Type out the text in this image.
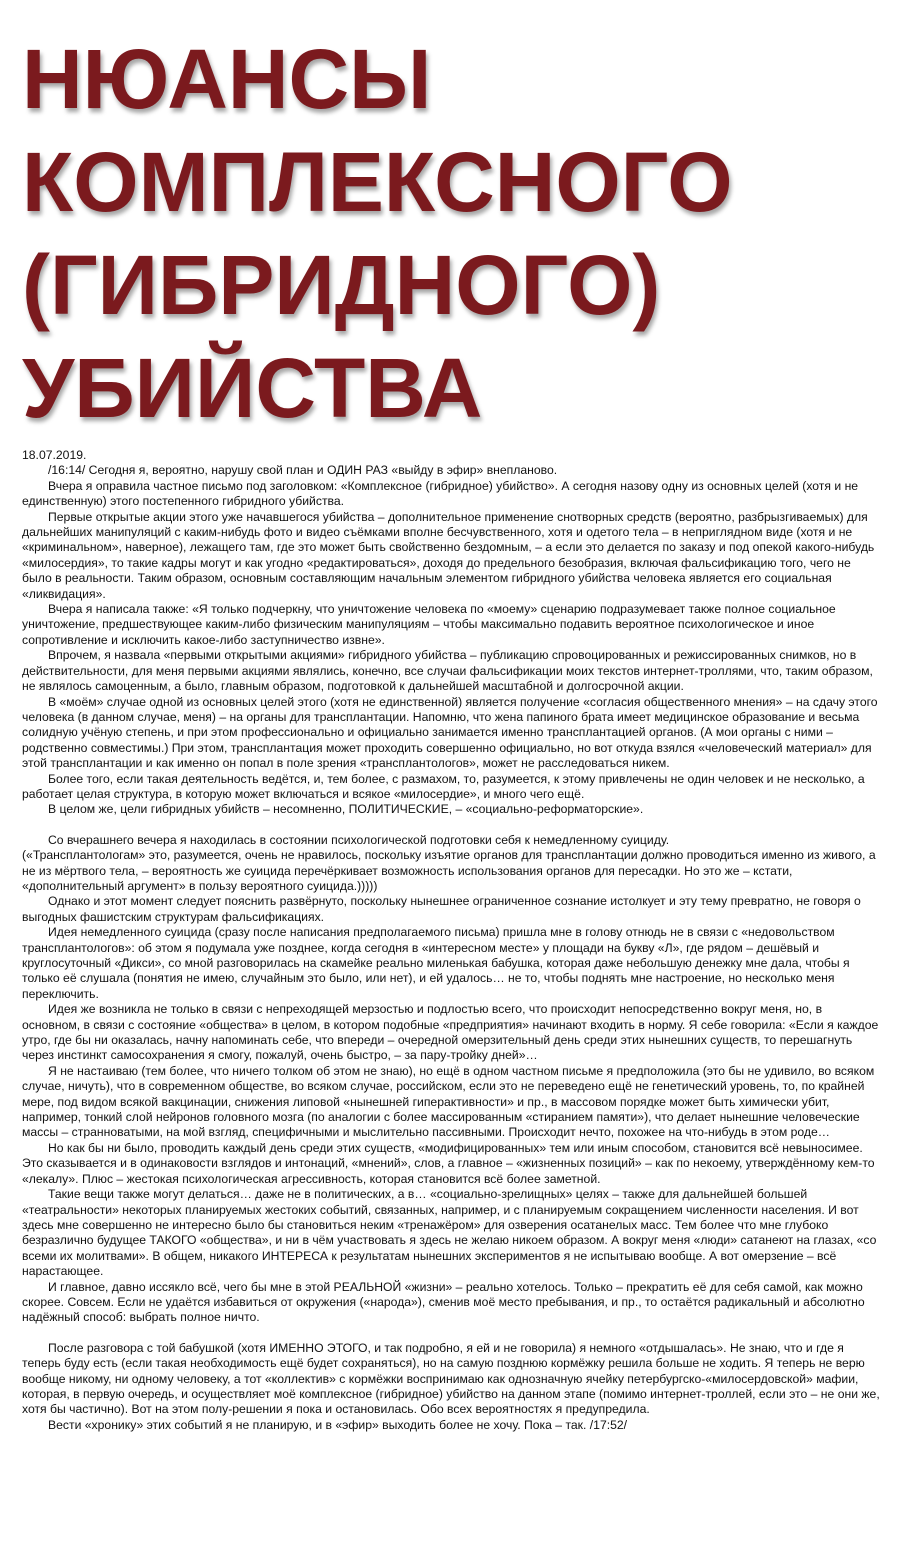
НЮАНСЫ
КОМПЛЕКСНОГО
(ГИБРИДНОГО)
УБИЙСТВА

18.07.2019.

/16:14/ Сегодня я, вероятно, нарушу свой план и ОДИН РАЗ «выйду в эфир» внепланово.

Вчера я оправила частное письмо под заголовком: «Комплексное (гибридное) убийство». А сегодня назову одну из основных целей (хотя и не единственную) этого постепенного гибридного убийства.

Первые открытые акции этого уже начавшегося убийства – дополнительное применение снотворных средств (вероятно, разбрызгиваемых) для дальнейших манипуляций с каким-нибудь фото и видео съёмками вполне бесчувственного, хотя и одетого тела – в неприглядном виде (хотя и не «криминальном», наверное), лежащего там, где это может быть свойственно бездомным, – а если это делается по заказу и под опекой какого-нибудь «милосердия», то такие кадры могут и как угодно «редактироваться», доходя до предельного безобразия, включая фальсификацию того, чего не было в реальности. Таким образом, основным составляющим начальным элементом гибридного убийства человека является его социальная «ликвидация».

Вчера я написала также: «Я только подчеркну, что уничтожение человека по «моему» сценарию подразумевает также полное социальное уничтожение, предшествующее каким-либо физическим манипуляциям – чтобы максимально подавить вероятное психологическое и иное сопротивление и исключить какое-либо заступничество извне».

Впрочем, я назвала «первыми открытыми акциями» гибридного убийства – публикацию спровоцированных и режиссированных снимков, но в действительности, для меня первыми акциями являлись, конечно, все случаи фальсификации моих текстов интернет-троллями, что, таким образом, не являлось самоценным, а было, главным образом, подготовкой к дальнейшей масштабной и долгосрочной акции.

В «моём» случае одной из основных целей этого (хотя не единственной) является получение «согласия общественного мнения» – на сдачу этого человека (в данном случае, меня) – на органы для трансплантации. Напомню, что жена папиного брата имеет медицинское образование и весьма солидную учёную степень, и при этом профессионально и официально занимается именно трансплантацией органов. (А мои органы с ними – родственно совместимы.) При этом, трансплантация может проходить совершенно официально, но вот откуда взялся «человеческий материал» для этой трансплантации и как именно он попал в поле зрения «трансплантологов», может не расследоваться никем.

Более того, если такая деятельность ведётся, и, тем более, с размахом, то, разумеется, к этому привлечены не один человек и не несколько, а работает целая структура, в которую может включаться и всякое «милосердие», и много чего ещё.

В целом же, цели гибридных убийств – несомненно, ПОЛИТИЧЕСКИЕ, – «социально-реформаторские».

Со вчерашнего вечера я находилась в состоянии психологической подготовки себя к немедленному суициду.

(«Трансплантологам» это, разумеется, очень не нравилось, поскольку изъятие органов для трансплантации должно проводиться именно из живого, а не из мёртвого тела, – вероятность же суицида перечёркивает возможность использования органов для пересадки. Но это же – кстати, «дополнительный аргумент» в пользу вероятного суицида.)))))

Однако и этот момент следует пояснить развёрнуто, поскольку нынешнее ограниченное сознание истолкует и эту тему превратно, не говоря о выгодных фашистским структурам фальсификациях.

Идея немедленного суицида (сразу после написания предполагаемого письма) пришла мне в голову отнюдь не в связи с «недовольством трансплантологов»: об этом я подумала уже позднее, когда сегодня в «интересном месте» у площади на букву «Л», где рядом – дешёвый и круглосуточный «Дикси», со мной разговорилась на скамейке реально миленькая бабушка, которая даже небольшую денежку мне дала, чтобы я только её слушала (понятия не имею, случайным это было, или нет), и ей удалось… не то, чтобы поднять мне настроение, но несколько меня переключить.

Идея же возникла не только в связи с непреходящей мерзостью и подлостью всего, что происходит непосредственно вокруг меня, но, в основном, в связи с состояние «общества» в целом, в котором подобные «предприятия» начинают входить в норму. Я себе говорила: «Если я каждое утро, где бы ни оказалась, начну напоминать себе, что впереди – очередной омерзительный день среди этих нынешних существ, то перешагнуть через инстинкт самосохранения я смогу, пожалуй, очень быстро, – за пару-тройку дней»…

Я не настаиваю (тем более, что ничего толком об этом не знаю), но ещё в одном частном письме я предположила (это бы не удивило, во всяком случае, ничуть), что в современном обществе, во всяком случае, российском, если это не переведено ещё не генетический уровень, то, по крайней мере, под видом всякой вакцинации, снижения липовой «нынешней гиперактивности» и пр., в массовом порядке может быть химически убит, например, тонкий слой нейронов головного мозга (по аналогии с более массированным «стиранием памяти»), что делает нынешние человеческие массы – странноватыми, на мой взгляд, специфичными и мыслительно пассивными. Происходит нечто, похожее на что-нибудь в этом роде…

Но как бы ни было, проводить каждый день среди этих существ, «модифицированных» тем или иным способом, становится всё невыносимее. Это сказывается и в одинаковости взглядов и интонаций, «мнений», слов, а главное – «жизненных позиций» – как по некоему, утверждённому кем-то «лекалу». Плюс – жестокая психологическая агрессивность, которая становится всё более заметной.

Такие вещи также могут делаться… даже не в политических, а в… «социально-зрелищных» целях – также для дальнейшей большей «театральности» некоторых планируемых жестоких событий, связанных, например, и с планируемым сокращением численности населения. И вот здесь мне совершенно не интересно было бы становиться неким «тренажёром» для озверения осатанелых масс. Тем более что мне глубоко безразлично будущее ТАКОГО «общества», и ни в чём участвовать я здесь не желаю никоем образом. А вокруг меня «люди» сатанеют на глазах, «со всеми их молитвами». В общем, никакого ИНТЕРЕСА к результатам нынешних экспериментов я не испытываю вообще. А вот омерзение – всё нарастающее.

И главное, давно иссякло всё, чего бы мне в этой РЕАЛЬНОЙ «жизни» – реально хотелось. Только – прекратить её для себя самой, как можно скорее. Совсем. Если не удаётся избавиться от окружения («народа»), сменив моё место пребывания, и пр., то остаётся радикальный и абсолютно надёжный способ: выбрать полное ничто.

После разговора с той бабушкой (хотя ИМЕННО ЭТОГО, и так подробно, я ей и не говорила) я немного «отдышалась». Не знаю, что и где я теперь буду есть (если такая необходимость ещё будет сохраняться), но на самую позднюю кормёжку решила больше не ходить. Я теперь не верю вообще никому, ни одному человеку, а тот «коллектив» с кормёжки воспринимаю как однозначную ячейку петербургско-«милосердовской» мафии, которая, в первую очередь, и осуществляет моё комплексное (гибридное) убийство на данном этапе (помимо интернет-троллей, если это – не они же, хотя бы частично). Вот на этом полу-решении я пока и остановилась. Обо всех вероятностях я предупредила.

Вести «хронику» этих событий я не планирую, и в «эфир» выходить более не хочу. Пока – так. /17:52/
